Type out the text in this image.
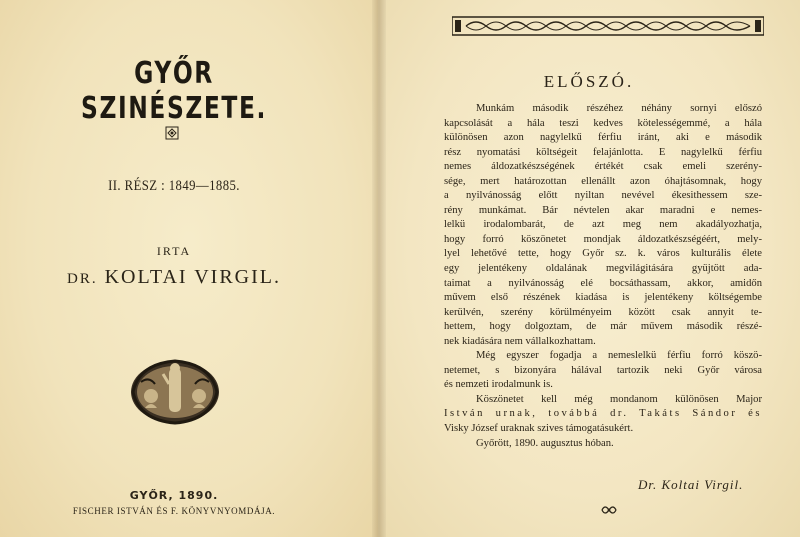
GYŐR SZINÉSZETE.
II. RÉSZ : 1849—1885.
IRTA
DR. KOLTAI VIRGIL.
GYŐR, 1890.
FISCHER ISTVÁN ÉS F. KÖNYVNYOMDÁJA.
ELŐSZÓ.
Munkám második részéhez néhány sornyi előszó
kapcsolását a hála teszi kedves kötelességemmé, a hála
különösen azon nagylelkű férfiu iránt, aki e második
rész nyomatási költségeit felajánlotta. E nagylelkű férfiu
nemes áldozatkészségének értékét csak emeli szerény-
sége, mert határozottan ellenállt azon óhajtásomnak, hogy
a nyilvánosság előtt nyiltan nevével ékesithessem sze-
rény munkámat. Bár névtelen akar maradni e nemes-
lelkü irodalombarát, de azt meg nem akadályozhatja,
hogy forró köszönetet mondjak áldozatkészségéért, mely-
lyel lehetővé tette, hogy Győr sz. k. város kulturális élete
egy jelentékeny oldalának megvilágitására gyüjtött ada-
taimat a nyilvánosság elé bocsáthassam, akkor, amidőn
művem első részének kiadása is jelentékeny költségembe
kerülvén, szerény körülményeim között csak annyit te-
hettem, hogy dolgoztam, de már művem második részé-
nek kiadására nem vállalkozhattam.
Még egyszer fogadja a nemeslelkü férfiu forró köszö-
netemet, s bizonyára hálával tartozik neki Győr városa
és nemzeti irodalmunk is.
Köszönetet kell még mondanom különösen Major
István urnak, továbbá dr. Takáts Sándor és
Visky József uraknak szives támogatásukért.
Győrött, 1890. augusztus hóban.
Dr. Koltai Virgil.
